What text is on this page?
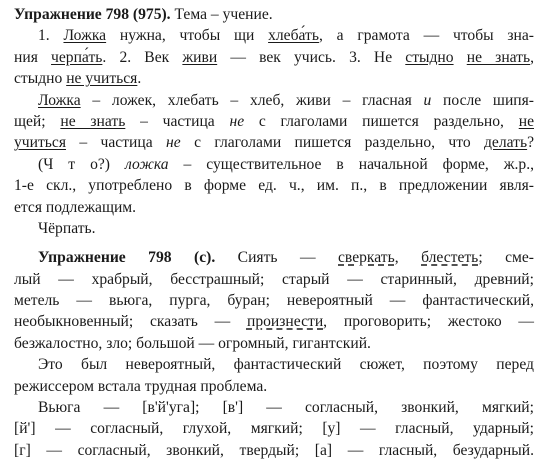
Упражнение 798 (975). Тема – учение.
1. Ложка нужна, чтобы щи хлеба́ть, а грамота — чтобы зна-
ния черпа́ть. 2. Век живи — век учись. 3. Не стыдно не знать,
стыдно не учиться.
Ложка – ложек, хлебать – хлеб, живи – гласная и после шипя-
щей; не знать – частица не с глаголами пишется раздельно, не
учиться – частица не с глаголами пишется раздельно, что делать?
(Ч т о?) ложка – существительное в начальной форме, ж.р.,
1-е скл., употреблено в форме ед. ч., им. п., в предложении явля-
ется подлежащим.
Чёрпать.
Упражнение 798 (с). Сиять — сверкать, блестеть; сме-
лый — храбрый, бесстрашный; старый — старинный, древний;
метель — вьюга, пурга, буран; невероятный — фантастический,
необыкновенный; сказать — произнести, проговорить; жестоко —
безжалостно, зло; большой — огромный, гигантский.
Это был невероятный, фантастический сюжет, поэтому перед
режиссером встала трудная проблема.
Вьюга — [в'й'уга]; [в'] — согласный, звонкий, мягкий;
[й'] — согласный, глухой, мягкий; [у] — гласный, ударный;
[г] — согласный, звонкий, твердый; [а] — гласный, безударный.
